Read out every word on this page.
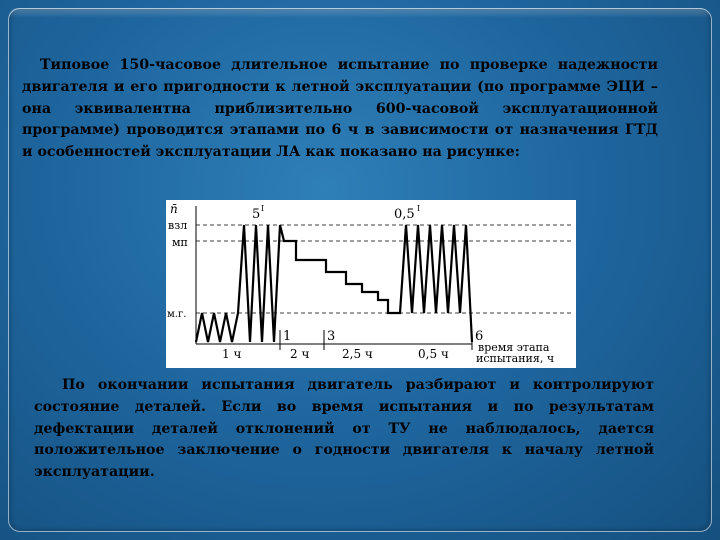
Типовое 150-часовое длительное испытание по проверке надежности двигателя и его пригодности к летной эксплуатации (по программе ЭЦИ – она эквивалентна приблизительно 600-часовой эксплуатационной программе) проводится этапами по 6 ч в зависимости от назначения ГТД и особенностей эксплуатации ЛА как показано на рисунке:
n̄
взл
мп
м.г.
5 I	0,5 I
1	3	6
1 ч	2 ч	2,5 ч	0,5 ч	время этапа
испытания, ч
По окончании испытания двигатель разбирают и контролируют состояние деталей. Если во время испытания и по результатам дефектации деталей отклонений от ТУ не наблюдалось, дается положительное заключение о годности двигателя к началу летной эксплуатации.
